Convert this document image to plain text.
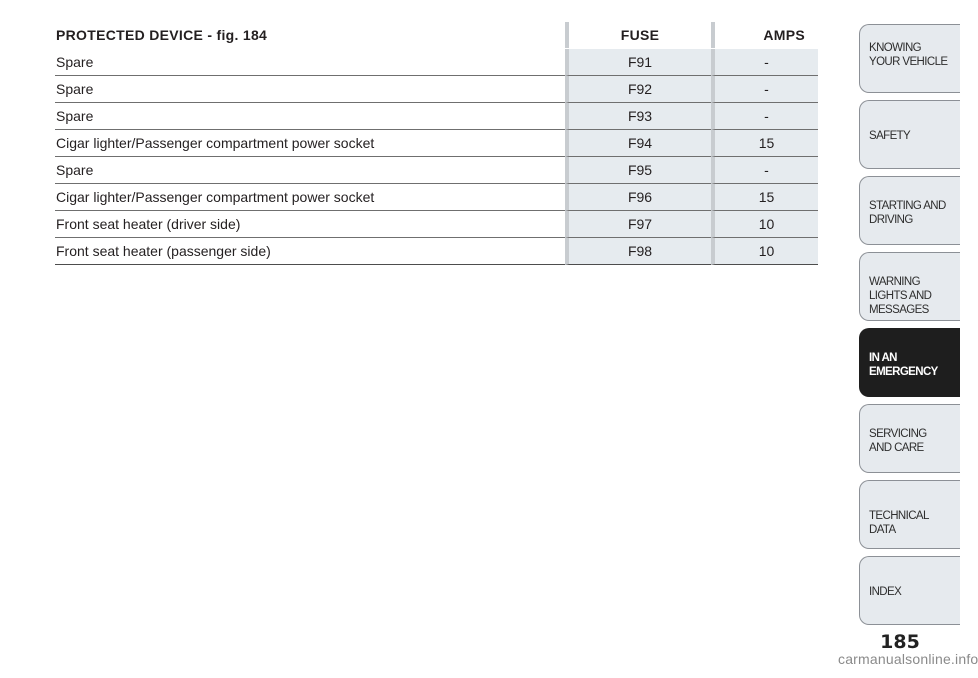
PROTECTED DEVICE - fig. 184	FUSE	AMPS
Spare	F91	-
Spare	F92	-
Spare	F93	-
Cigar lighter/Passenger compartment power socket	F94	15
Spare	F95	-
Cigar lighter/Passenger compartment power socket	F96	15
Front seat heater (driver side)	F97	10
Front seat heater (passenger side)	F98	10
KNOWING YOUR VEHICLE
SAFETY
STARTING AND DRIVING
WARNING LIGHTS AND MESSAGES
IN AN EMERGENCY
SERVICING AND CARE
TECHNICAL DATA
INDEX
185
carmanualsonline.info
